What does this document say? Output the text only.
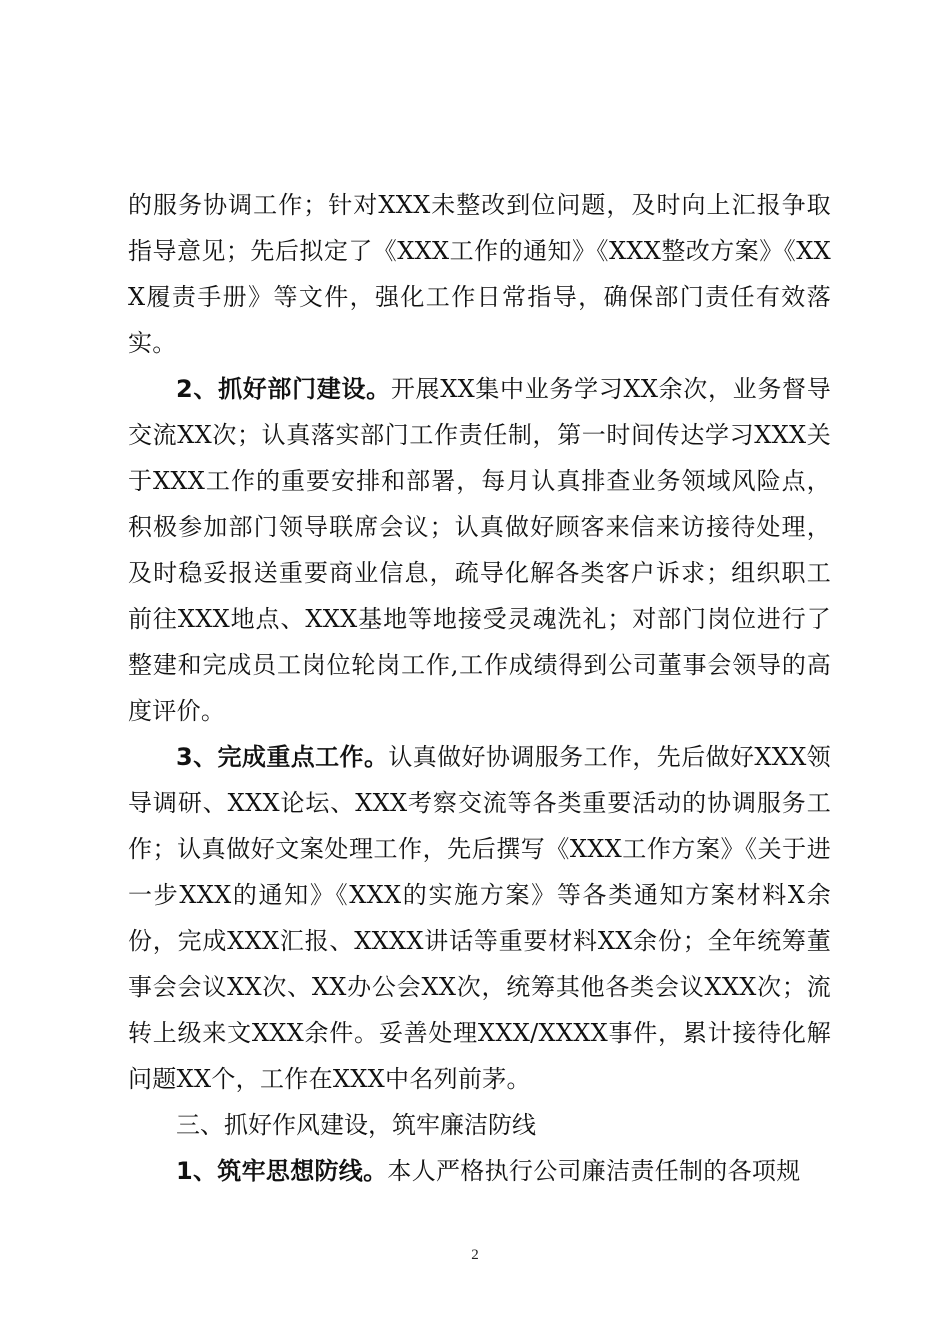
的服务协调工作；针对XXX未整改到位问题，及时向上汇报争取指导意见；先后拟定了《XXX工作的通知》《XXX整改方案》《XXX履责手册》等文件，强化工作日常指导，确保部门责任有效落实。

2、抓好部门建设。开展XX集中业务学习XX余次，业务督导交流XX次；认真落实部门工作责任制，第一时间传达学习XXX关于XXX工作的重要安排和部署，每月认真排查业务领域风险点，积极参加部门领导联席会议；认真做好顾客来信来访接待处理，及时稳妥报送重要商业信息，疏导化解各类客户诉求；组织职工前往XXX地点、XXX基地等地接受灵魂洗礼；对部门岗位进行了整建和完成员工岗位轮岗工作,工作成绩得到公司董事会领导的高度评价。

3、完成重点工作。认真做好协调服务工作，先后做好XXX领导调研、XXX论坛、XXX考察交流等各类重要活动的协调服务工作；认真做好文案处理工作，先后撰写《XXX工作方案》《关于进一步XXX的通知》《XXX的实施方案》等各类通知方案材料X余份，完成XXX汇报、XXXX讲话等重要材料XX余份；全年统筹董事会会议XX次、XX办公会XX次，统筹其他各类会议XXX次；流转上级来文XXX余件。妥善处理XXX/XXXX事件，累计接待化解问题XX个，工作在XXX中名列前茅。

三、抓好作风建设，筑牢廉洁防线

1、筑牢思想防线。本人严格执行公司廉洁责任制的各项规

2
